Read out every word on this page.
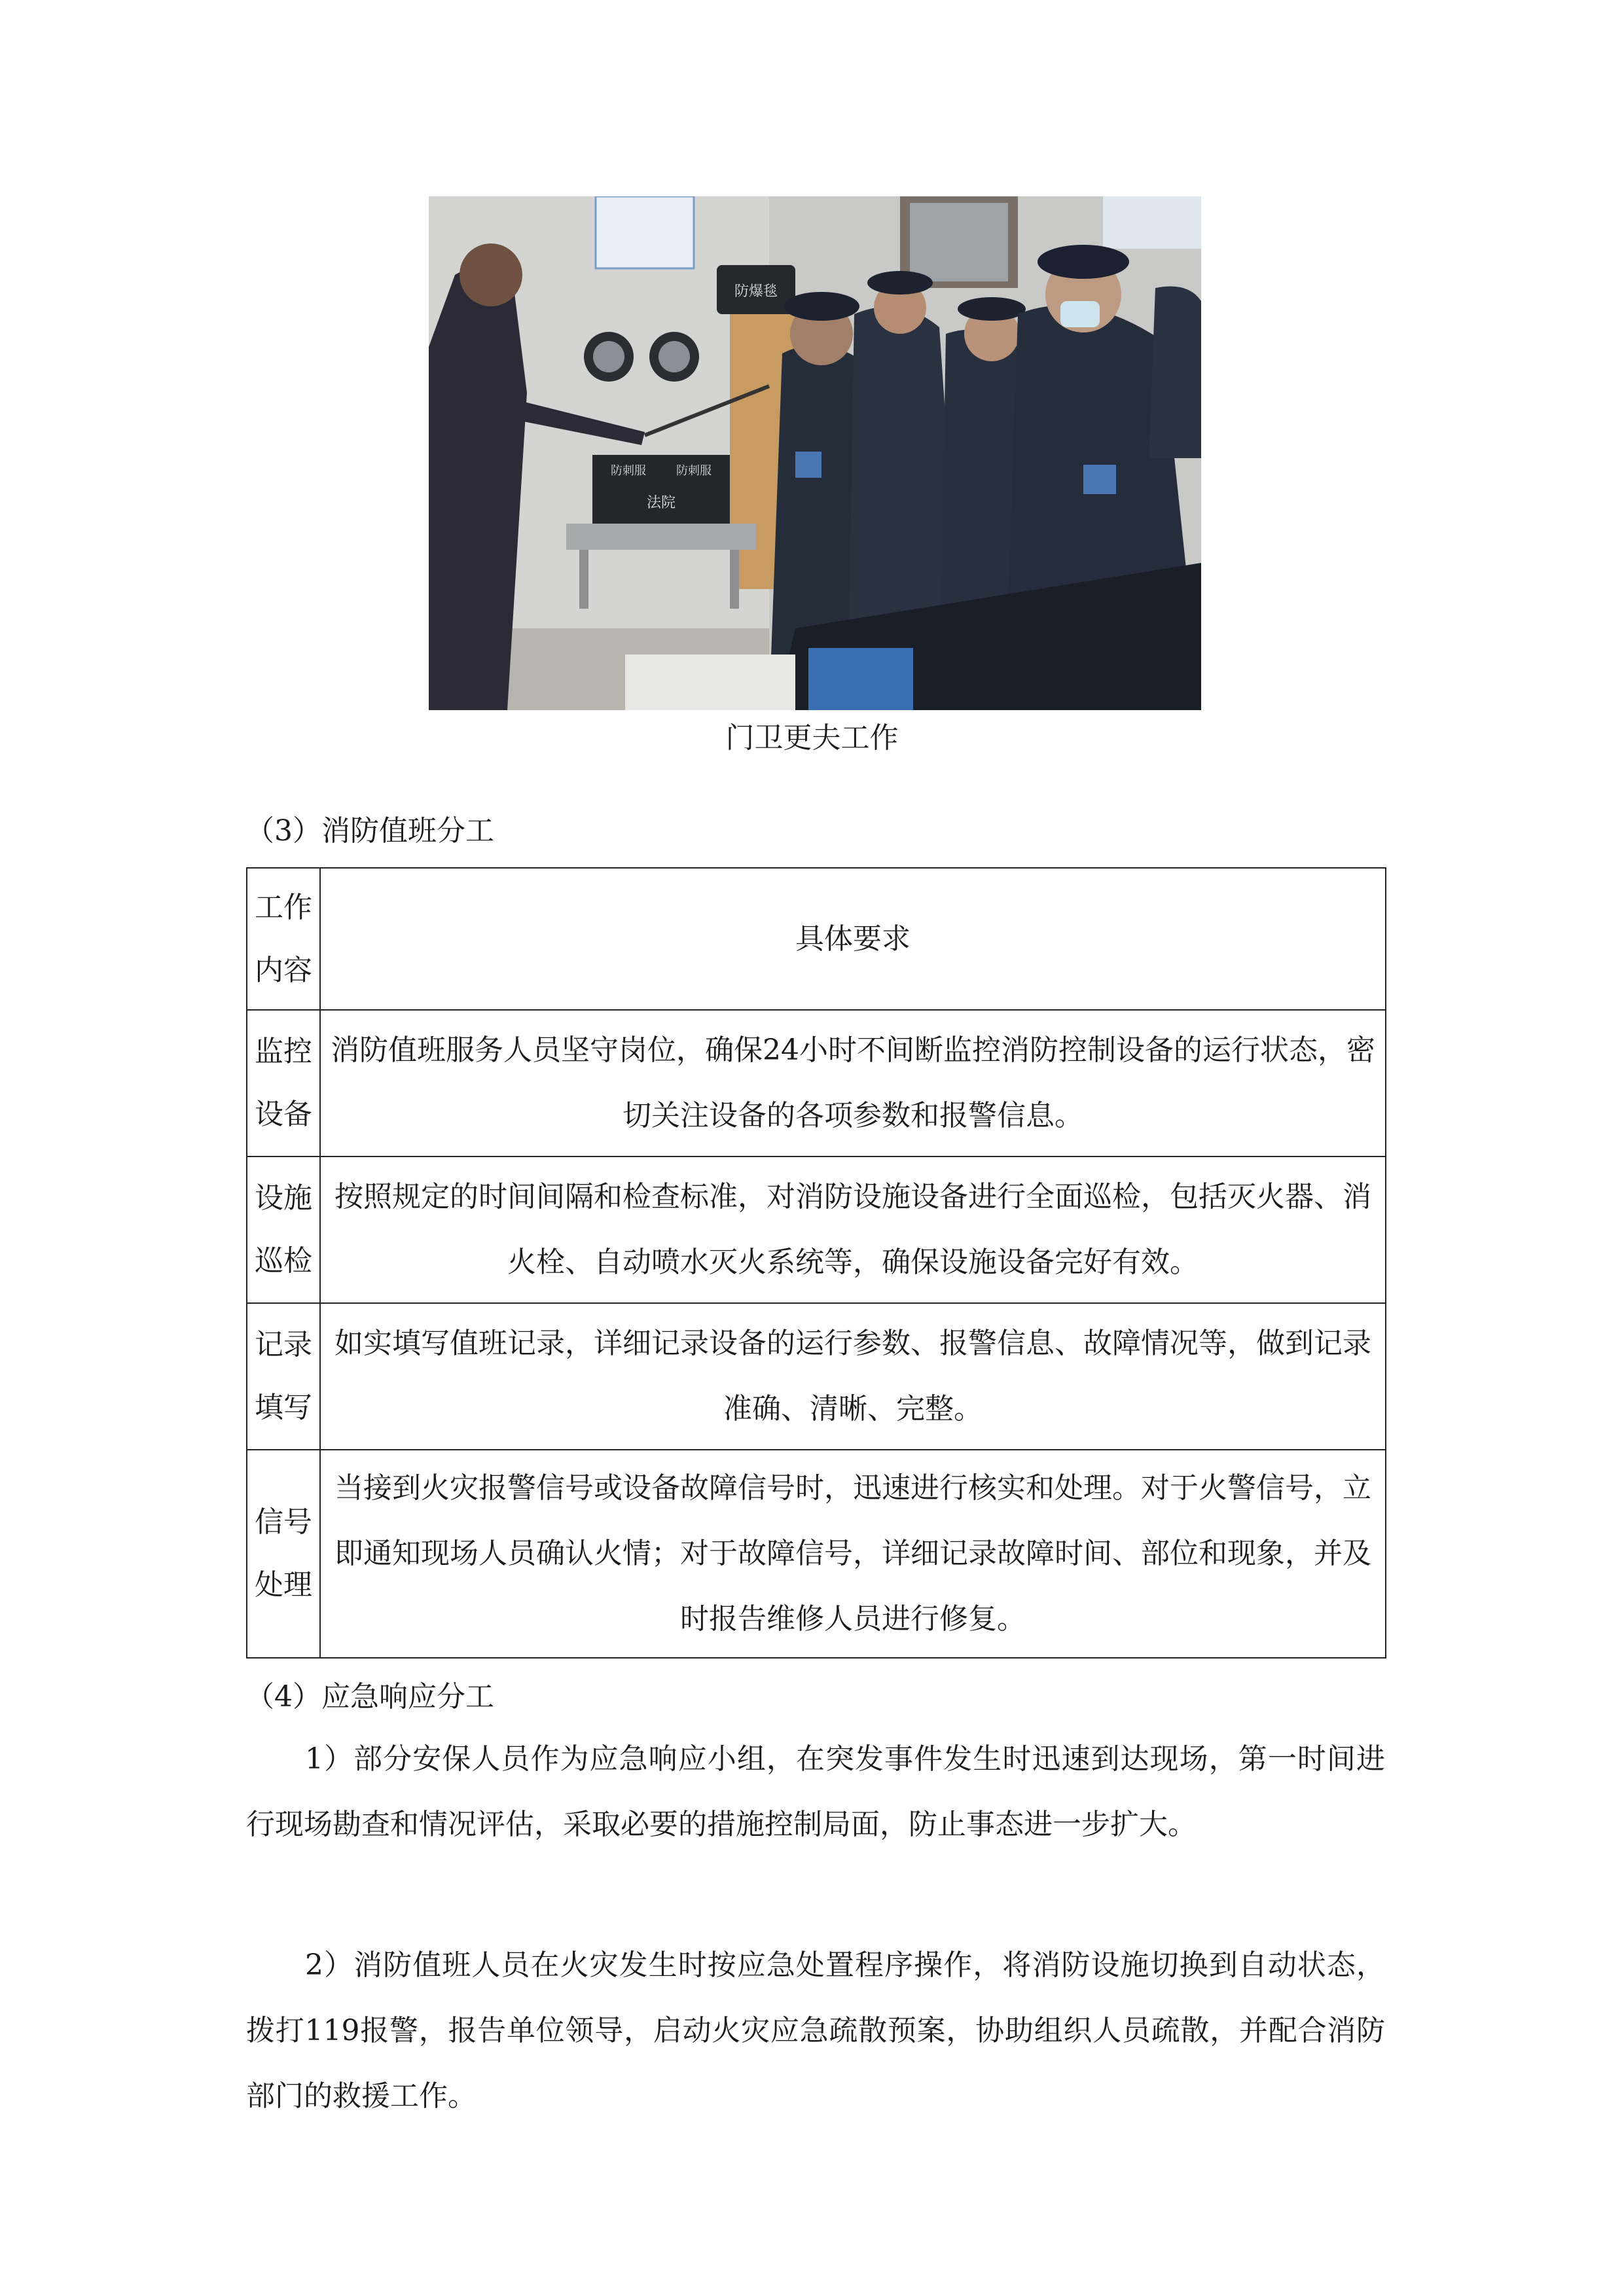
防爆毯
防刺服	防刺服
法院
门卫更夫工作
（3）消防值班分工
工作
内容	具体要求

监控
设备	消防值班服务人员坚守岗位，确保24小时不间断监控消防控制设备的运行状态，密切关注设备的各项参数和报警信息。

设施
巡检	按照规定的时间间隔和检查标准，对消防设施设备进行全面巡检，包括灭火器、消火栓、自动喷水灭火系统等，确保设施设备完好有效。

记录
填写	如实填写值班记录，详细记录设备的运行参数、报警信息、故障情况等，做到记录准确、清晰、完整。

信号
处理	当接到火灾报警信号或设备故障信号时，迅速进行核实和处理。对于火警信号，立即通知现场人员确认火情；对于故障信号，详细记录故障时间、部位和现象，并及时报告维修人员进行修复。
（4）应急响应分工

1）部分安保人员作为应急响应小组，在突发事件发生时迅速到达现场，第一时间进行现场勘查和情况评估，采取必要的措施控制局面，防止事态进一步扩大。

2）消防值班人员在火灾发生时按应急处置程序操作，将消防设施切换到自动状态，拨打119报警，报告单位领导，启动火灾应急疏散预案，协助组织人员疏散，并配合消防部门的救援工作。
